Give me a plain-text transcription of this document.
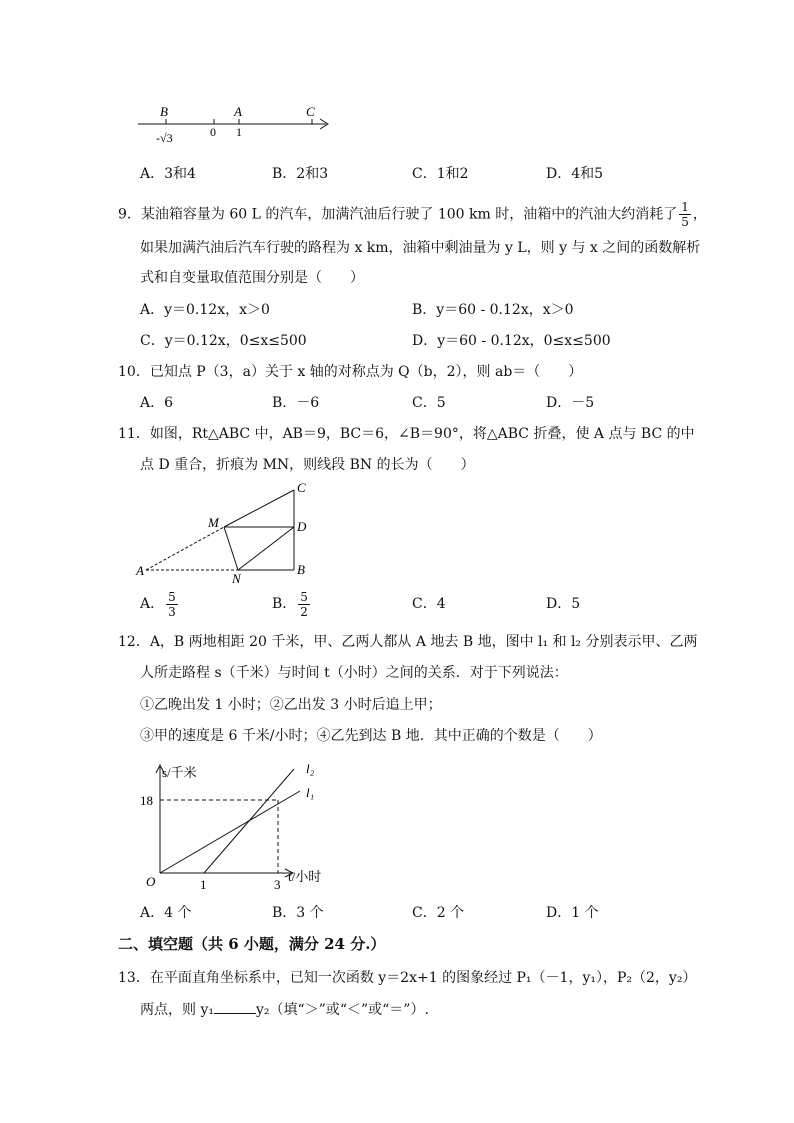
B	A	C
-√3	0 1
A．3和4	B．2和3	C．1和2	D．4和5
9．某油箱容量为 60 L 的汽车，加满汽油后行驶了 100 km 时，油箱中的汽油大约消耗了 $\frac{1}{5}$ ，
如果加满汽油后汽车行驶的路程为 x km，油箱中剩油量为 y L，则 y 与 x 之间的函数解析
式和自变量取值范围分别是（　　）
A．y＝0.12x，x＞0	B．y＝60 - 0.12x，x＞0
C．y＝0.12x，0≤x≤500	D．y＝60 - 0.12x，0≤x≤500
10．已知点 P（3，a）关于 x 轴的对称点为 Q（b，2），则 ab＝（　　）
A．6	B．－6	C．5	D．－5
11．如图，Rt△ABC 中，AB＝9，BC＝6，∠B＝90°，将△ABC 折叠，使 A 点与 BC 的中
点 D 重合，折痕为 MN，则线段 BN 的长为（　　）
C
M	D
A
N
B
A． $\frac{5}{3}$	B． $\frac{5}{2}$	C．4	D．5
12．A，B 两地相距 20 千米，甲、乙两人都从 A 地去 B 地，图中 l₁ 和 l₂ 分别表示甲、乙两
人所走路程 s（千米）与时间 t（小时）之间的关系．对于下列说法：
①乙晚出发 1 小时；②乙出发 3 小时后追上甲；
③甲的速度是 6 千米/小时；④乙先到达 B 地．其中正确的个数是（　　）
s/千米
t/小时
O
18
1	3
l₂
l₁
A．4 个	B．3 个	C．2 个	D．1 个
二、填空题（共 6 小题，满分 24 分.）
13．在平面直角坐标系中，已知一次函数 y＝2x+1 的图象经过 P₁（－1，y₁），P₂（2，y₂）
两点，则 y₁	y₂（填“＞”或“＜”或“＝”）.
